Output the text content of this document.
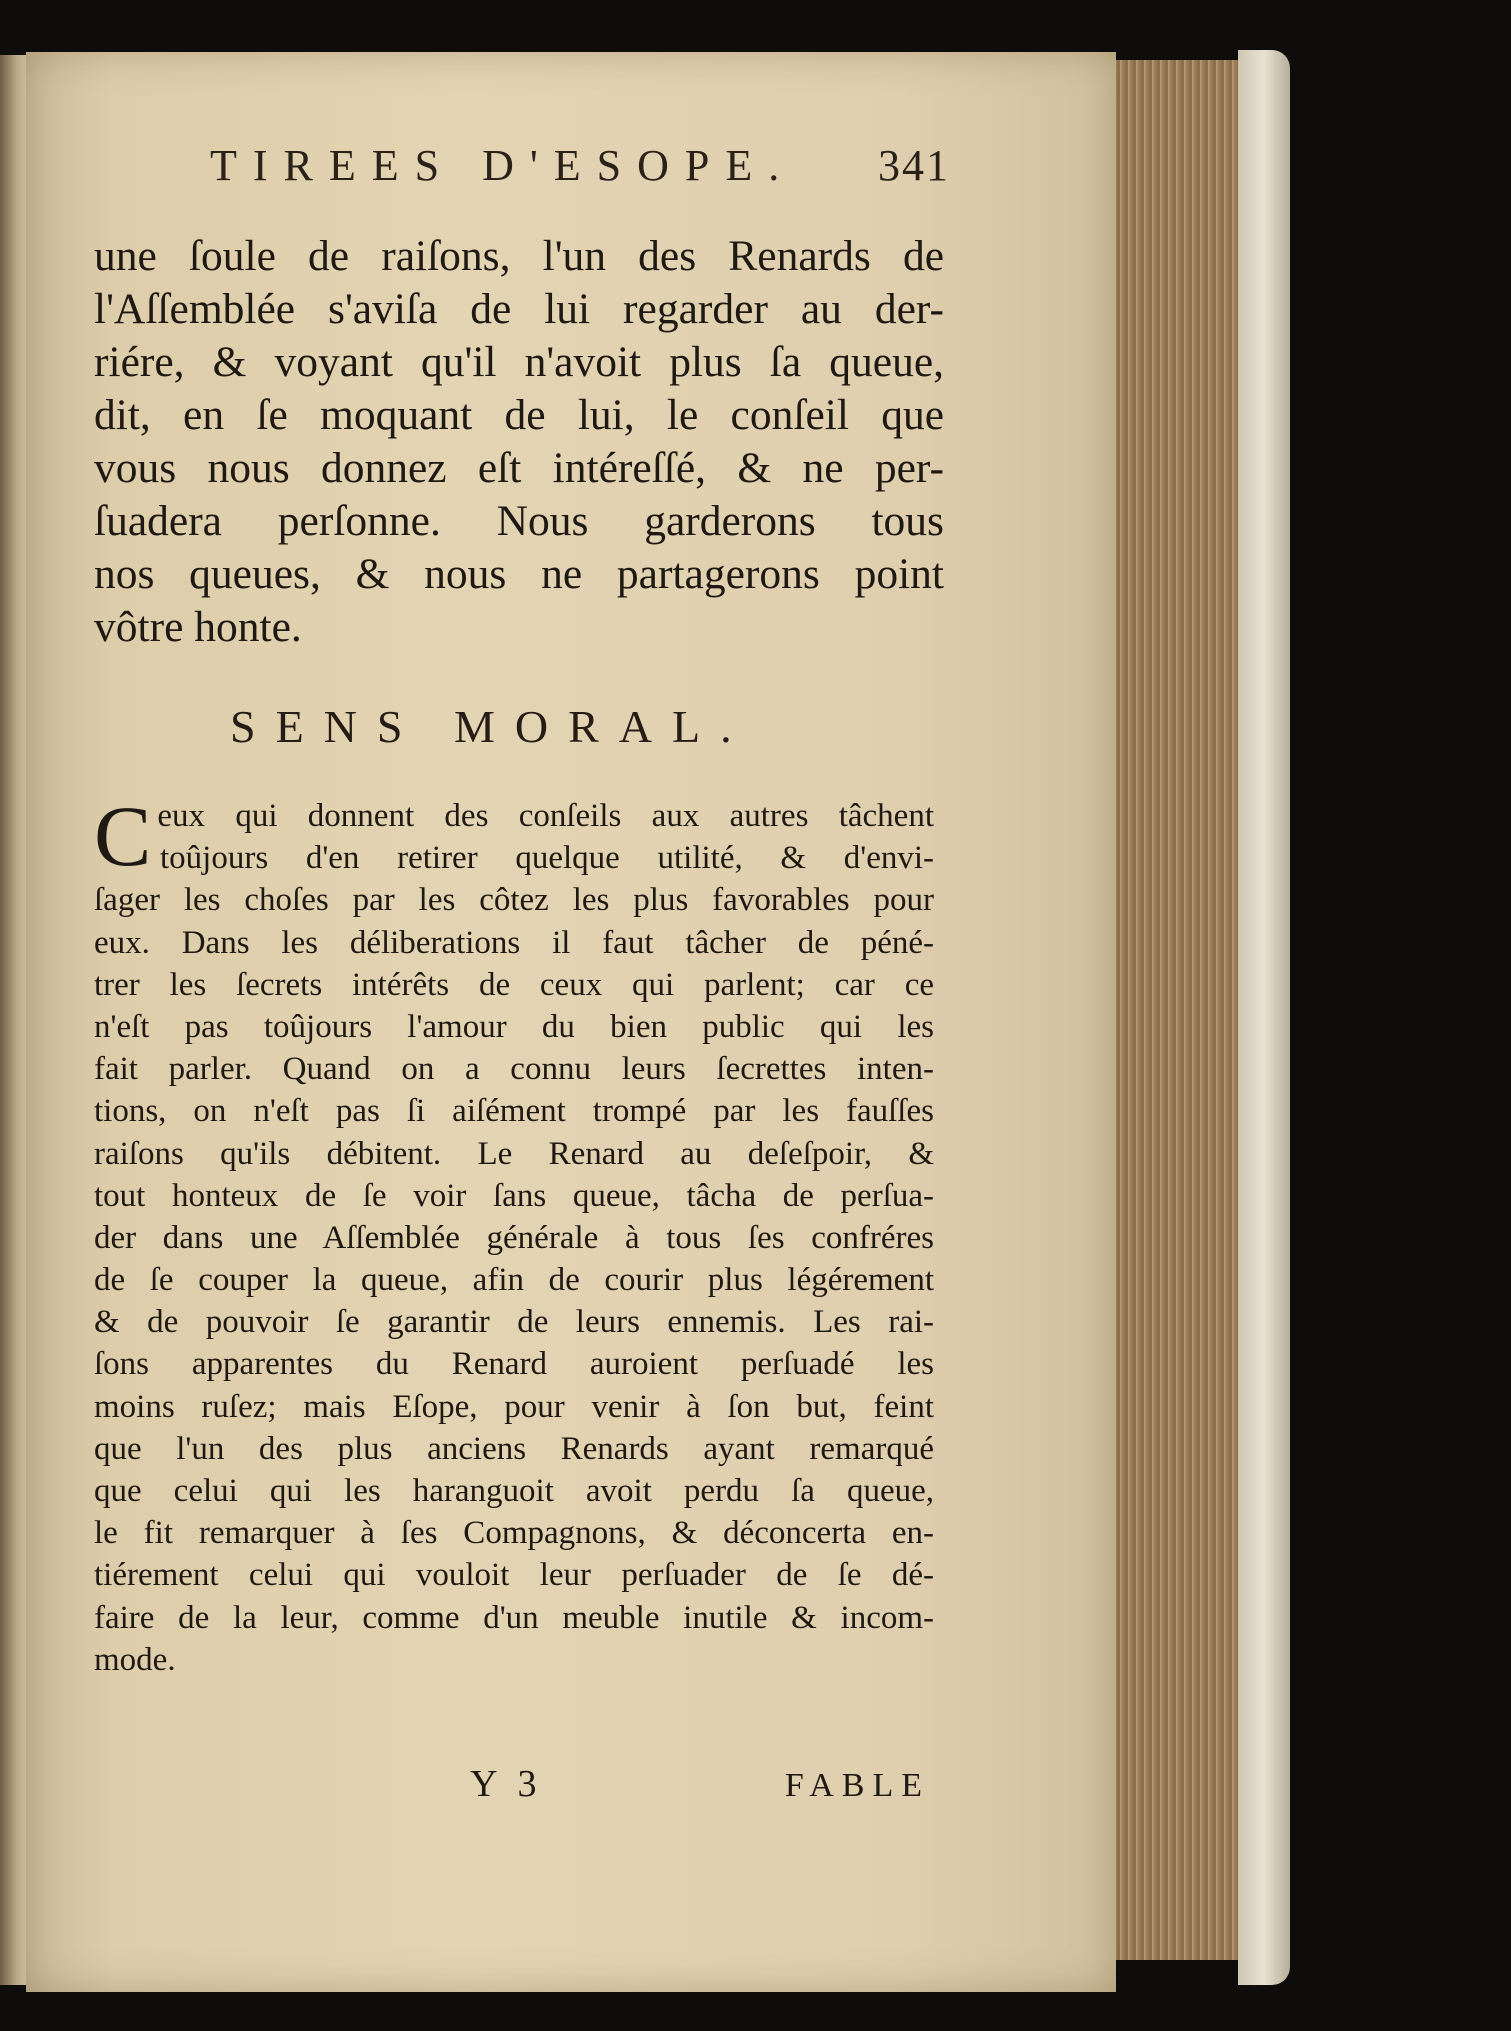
TIREES D'ESOPE. 341
une ſoule de raiſons, l'un des Renards de
l'Aſſemblée s'aviſa de lui regarder au der-
riére, & voyant qu'il n'avoit plus ſa queue,
dit, en ſe moquant de lui, le conſeil que
vous nous donnez eſt intéreſſé, & ne per-
ſuadera perſonne. Nous garderons tous
nos queues, & nous ne partagerons point
vôtre honte.
SENS MORAL.
C eux qui donnent des conſeils aux autres tâchent
toûjours d'en retirer quelque utilité, & d'envi-
ſager les choſes par les côtez les plus favorables pour
eux. Dans les déliberations il faut tâcher de péné-
trer les ſecrets intérêts de ceux qui parlent; car ce
n'eſt pas toûjours l'amour du bien public qui les
fait parler. Quand on a connu leurs ſecrettes inten-
tions, on n'eſt pas ſi aiſément trompé par les fauſſes
raiſons qu'ils débitent. Le Renard au deſeſpoir, &
tout honteux de ſe voir ſans queue, tâcha de perſua-
der dans une Aſſemblée générale à tous ſes confréres
de ſe couper la queue, afin de courir plus légérement
& de pouvoir ſe garantir de leurs ennemis. Les rai-
ſons apparentes du Renard auroient perſuadé les
moins ruſez; mais Eſope, pour venir à ſon but, feint
que l'un des plus anciens Renards ayant remarqué
que celui qui les haranguoit avoit perdu ſa queue,
le fit remarquer à ſes Compagnons, & déconcerta en-
tiérement celui qui vouloit leur perſuader de ſe dé-
faire de la leur, comme d'un meuble inutile & incom-
mode.
Y 3	FABLE
